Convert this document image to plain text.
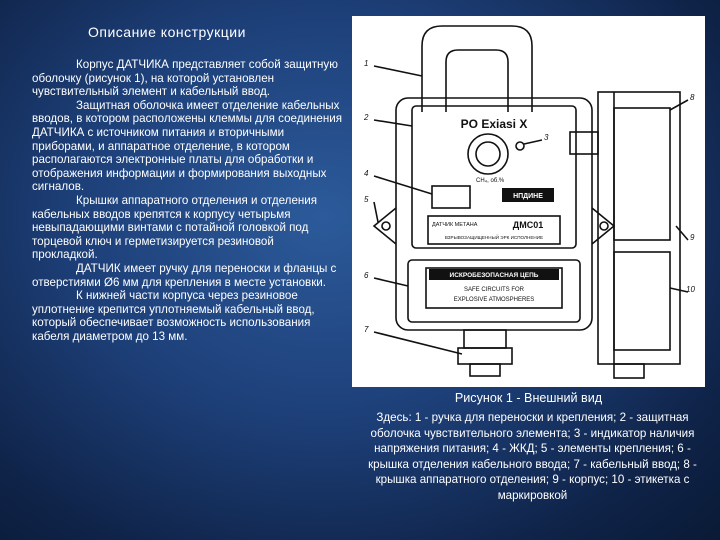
Описание конструкции

Корпус ДАТЧИКА представляет собой защитную оболочку (рисунок 1), на которой установлен чувствительный элемент и кабельный ввод.

Защитная оболочка имеет отделение кабельных вводов, в котором расположены клеммы для соединения ДАТЧИКА с источником питания и вторичными приборами, и аппаратное отделение, в котором располагаются электронные платы для обработки и отображения информации и формирования выходных сигналов.

Крышки аппаратного отделения и отделения кабельных вводов крепятся к корпусу четырьмя невыпадающими винтами с потайной головкой под торцевой ключ и герметизируется резиновой прокладкой.

ДАТЧИК имеет ручку для переноски и фланцы с отверстиями Ø6 мм для крепления в месте установки.

К нижней части корпуса через резиновое уплотнение крепится уплотняемый кабельный ввод, который обеспечивает возможность использования кабеля диаметром до 13 мм.

PO Exiasi X
CH₄, об.%
НПДИНЕ
ДАТЧИК МЕТАНА	ДМС01
ВЗРЫВОЗАЩИЩЕННЫЙ ЭРК ИСПОЛНЕНИЕ
ИСКРОБЕЗОПАСНАЯ ЦЕПЬ
SAFE CIRCUITS FOR
EXPLOSIVE ATMOSPHERES
1
2
3
4
5
6
7
8
9
10
Рисунок 1 - Внешний вид
Здесь: 1 - ручка для переноски и крепления; 2 - защитная оболочка чувствительного элемента; 3 - индикатор наличия напряжения питания; 4 - ЖКД; 5 - элементы крепления; 6 - крышка отделения кабельного ввода; 7 - кабельный ввод; 8 - крышка аппаратного отделения; 9 - корпус; 10 - этикетка с маркировкой
